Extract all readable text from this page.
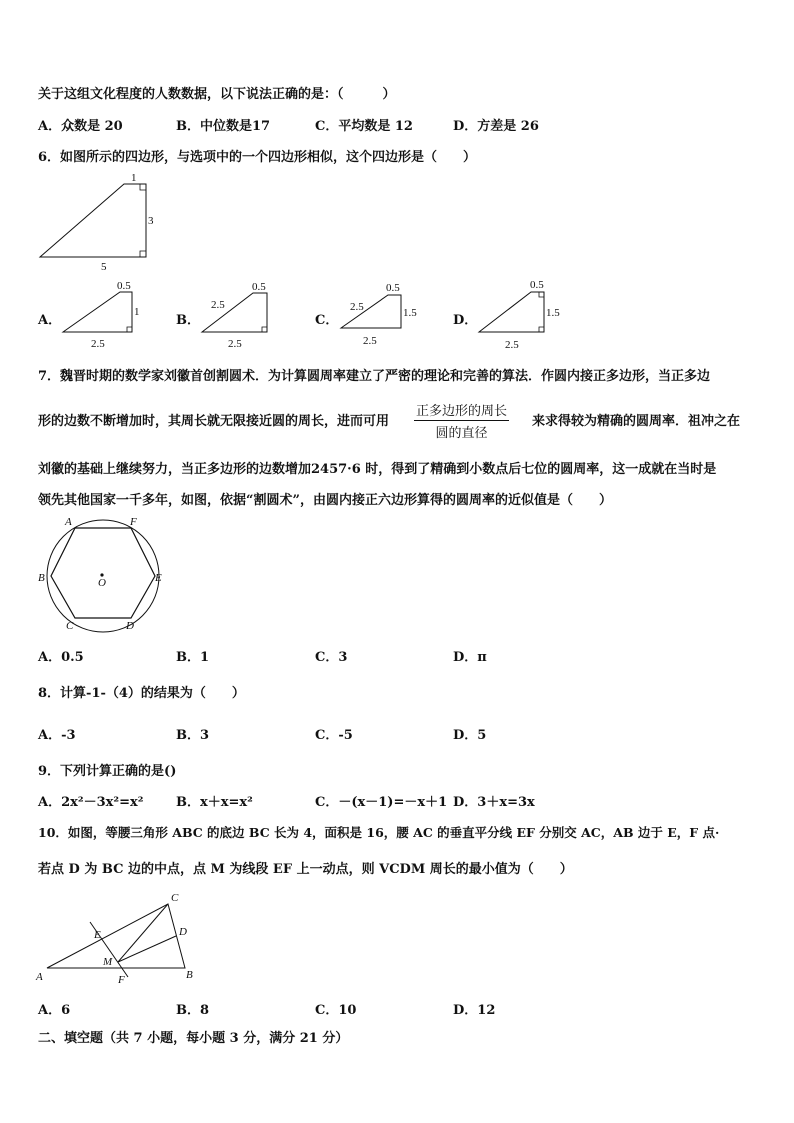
关于这组文化程度的人数数据，以下说法正确的是：（　　　）
A．众数是 20	B．中位数是17	C．平均数是 12	D．方差是 26
6．如图所示的四边形，与选项中的一个四边形相似，这个四边形是（　　）
1
3
5
A．
0.5
1
2.5
B．
0.5
2.5
2.5
C．
0.5
2.5	1.5
2.5
D．
0.5
1.5
2.5
7．魏晋时期的数学家刘徽首创割圆术．为计算圆周率建立了严密的理论和完善的算法．作圆内接正多边形，当正多边
形的边数不断增加时，其周长就无限接近圆的周长，进而可用
正多边形的周长
圆的直径
来求得较为精确的圆周率．祖冲之在
刘徽的基础上继续努力，当正多边形的边数增加2457·6 时，得到了精确到小数点后七位的圆周率，这一成就在当时是
领先其他国家一千多年，如图，依据“割圆术”，由圆内接正六边形算得的圆周率的近似值是（　　）
A	F
B	O	E
C	D
A．0.5	B．1	C．3	D．π
8．计算-1-（4）的结果为（　　）
A．-3	B．3	C．-5	D．5
9．下列计算正确的是()
A．2x²－3x²=x²	B．x＋x=x²	C．－(x－1)=－x＋1 D．3＋x=3x
10．如图，等腰三角形 ABC 的底边 BC 长为 4，面积是 16，腰 AC 的垂直平分线 EF 分别交 AC，AB 边于 E，F 点·
若点 D 为 BC 边的中点，点 M 为线段 EF 上一动点，则 VCDM 周长的最小值为（　　）
A	B
C
D
E
F
M
A．6	B．8	C．10	D．12
二、填空题（共 7 小题，每小题 3 分，满分 21 分）
